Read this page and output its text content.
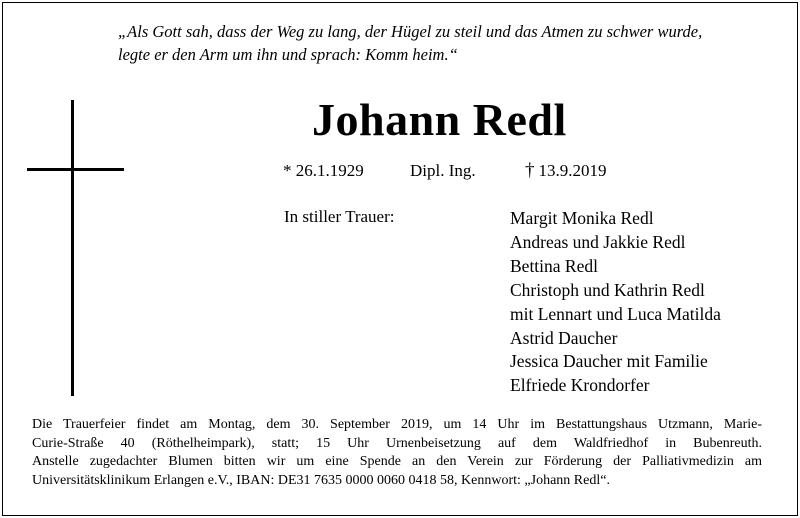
„Als Gott sah, dass der Weg zu lang, der Hügel zu steil und das Atmen zu schwer wurde,
legte er den Arm um ihn und sprach: Komm heim.“
Johann Redl
* 26.1.1929	Dipl. Ing.	† 13.9.2019
In stiller Trauer:	Margit Monika Redl
Andreas und Jakkie Redl
Bettina Redl
Christoph und Kathrin Redl
mit Lennart und Luca Matilda
Astrid Daucher
Jessica Daucher mit Familie
Elfriede Krondorfer
Die Trauerfeier findet am Montag, dem 30. September 2019, um 14 Uhr im Bestattungshaus Utzmann, Marie-
Curie-Straße 40 (Röthelheimpark), statt; 15 Uhr Urnenbeisetzung auf dem Waldfriedhof in Bubenreuth.
Anstelle zugedachter Blumen bitten wir um eine Spende an den Verein zur Förderung der Palliativmedizin am
Universitätsklinikum Erlangen e.V., IBAN: DE31 7635 0000 0060 0418 58, Kennwort: „Johann Redl“.
